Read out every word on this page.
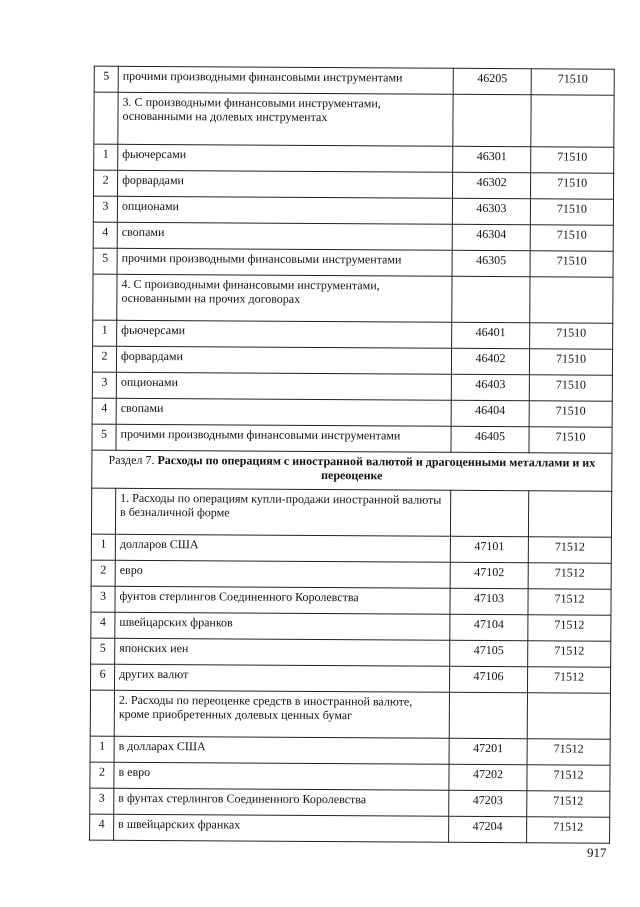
5	прочими производными финансовыми инструментами	46205	71510
	3. С производными финансовыми инструментами, основанными на долевых инструментах		
1	фьючерсами	46301	71510
2	форвардами	46302	71510
3	опционами	46303	71510
4	свопами	46304	71510
5	прочими производными финансовыми инструментами	46305	71510
	4. С производными финансовыми инструментами, основанными на прочих договорах		
1	фьючерсами	46401	71510
2	форвардами	46402	71510
3	опционами	46403	71510
4	свопами	46404	71510
5	прочими производными финансовыми инструментами	46405	71510
Раздел 7. Расходы по операциям с иностранной валютой и драгоценными металлами и их переоценке			
	1. Расходы по операциям купли-продажи иностранной валюты в безналичной форме		
1	долларов США	47101	71512
2	евро	47102	71512
3	фунтов стерлингов Соединенного Королевства	47103	71512
4	швейцарских франков	47104	71512
5	японских иен	47105	71512
6	других валют	47106	71512
	2. Расходы по переоценке средств в иностранной валюте, кроме приобретенных долевых ценных бумаг		
1	в долларах США	47201	71512
2	в евро	47202	71512
3	в фунтах стерлингов Соединенного Королевства	47203	71512
4	в швейцарских франках	47204	71512
917
